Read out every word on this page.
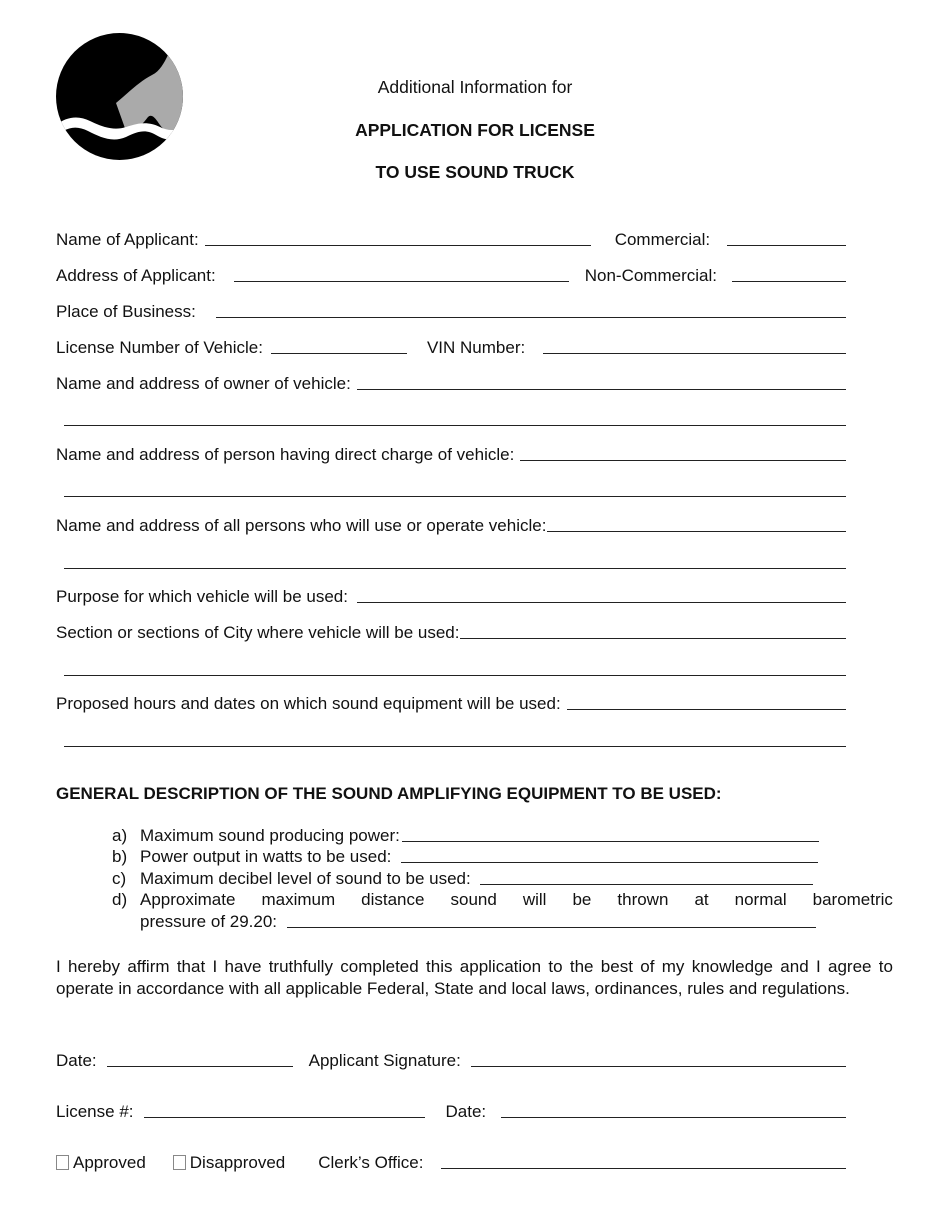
Additional Information for
APPLICATION FOR LICENSE
TO USE SOUND TRUCK
Name of Applicant:	Commercial:
Address of Applicant:	Non-Commercial:
Place of Business:
License Number of Vehicle:	VIN Number:
Name and address of owner of vehicle:
Name and address of person having direct charge of vehicle:
Name and address of all persons who will use or operate vehicle:
Purpose for which vehicle will be used:
Section or sections of City where vehicle will be used:
Proposed hours and dates on which sound equipment will be used:
GENERAL DESCRIPTION OF THE SOUND AMPLIFYING EQUIPMENT TO BE USED:
a) Maximum sound producing power:
b) Power output in watts to be used:
c) Maximum decibel level of sound to be used:
d) Approximate maximum distance sound will be thrown at normal barometric
pressure of 29.20:
I hereby affirm that I have truthfully completed this application to the best of my knowledge and I agree to operate in accordance with all applicable Federal, State and local laws, ordinances, rules and regulations.
Date:	Applicant Signature:
License #:	Date:
Approved	Disapproved Clerk’s Office:
